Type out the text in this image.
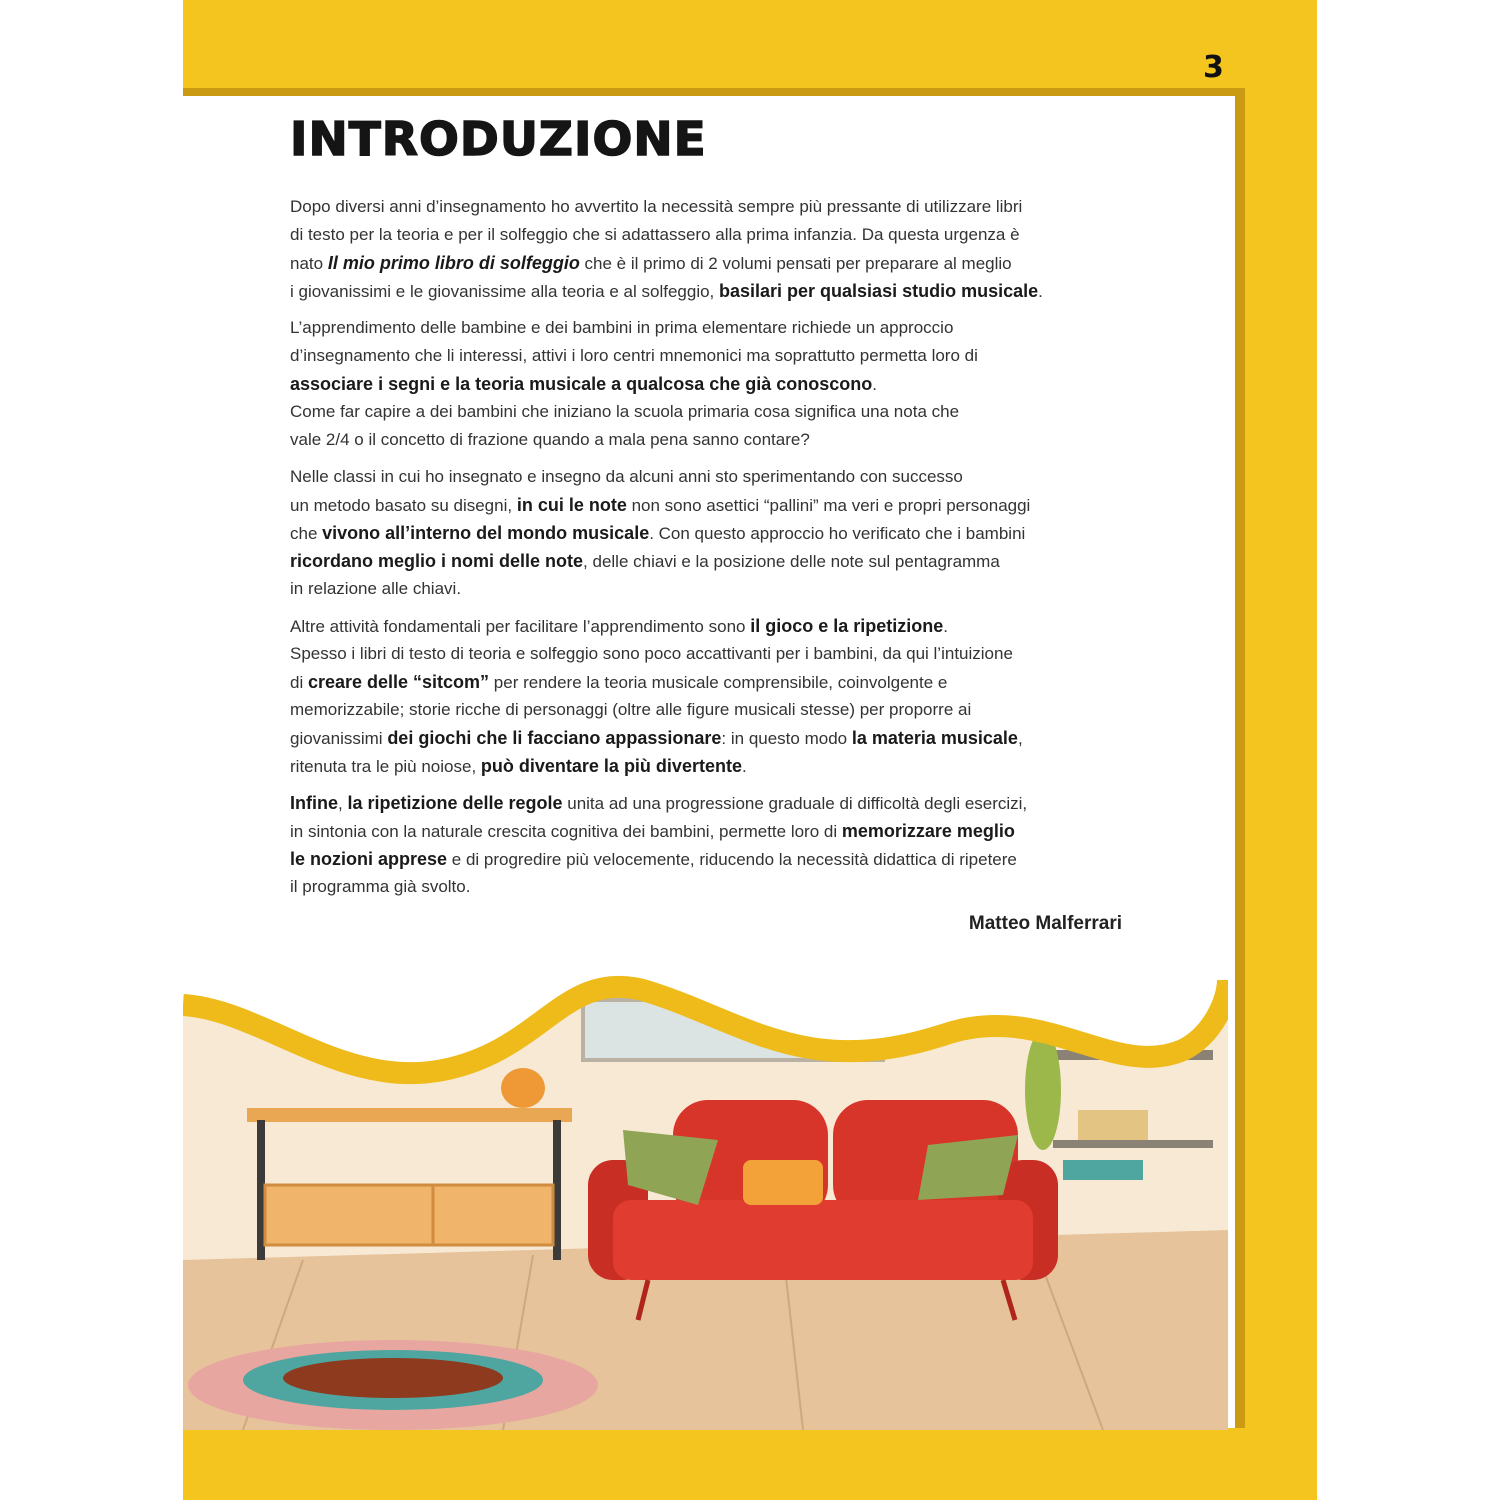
3
INTRODUZIONE
Dopo diversi anni d’insegnamento ho avvertito la necessità sempre più pressante di utilizzare libri
di testo per la teoria e per il solfeggio che si adattassero alla prima infanzia. Da questa urgenza è
nato Il mio primo libro di solfeggio che è il primo di 2 volumi pensati per preparare al meglio
i giovanissimi e le giovanissime alla teoria e al solfeggio, basilari per qualsiasi studio musicale.
L’apprendimento delle bambine e dei bambini in prima elementare richiede un approccio
d’insegnamento che li interessi, attivi i loro centri mnemonici ma soprattutto permetta loro di
associare i segni e la teoria musicale a qualcosa che già conoscono.
Come far capire a dei bambini che iniziano la scuola primaria cosa significa una nota che
vale 2/4 o il concetto di frazione quando a mala pena sanno contare?
Nelle classi in cui ho insegnato e insegno da alcuni anni sto sperimentando con successo
un metodo basato su disegni, in cui le note non sono asettici “pallini” ma veri e propri personaggi
che vivono all’interno del mondo musicale. Con questo approccio ho verificato che i bambini
ricordano meglio i nomi delle note, delle chiavi e la posizione delle note sul pentagramma
in relazione alle chiavi.
Altre attività fondamentali per facilitare l’apprendimento sono il gioco e la ripetizione.
Spesso i libri di testo di teoria e solfeggio sono poco accattivanti per i bambini, da qui l’intuizione
di creare delle “sitcom” per rendere la teoria musicale comprensibile, coinvolgente e
memorizzabile; storie ricche di personaggi (oltre alle figure musicali stesse) per proporre ai
giovanissimi dei giochi che li facciano appassionare: in questo modo la materia musicale,
ritenuta tra le più noiose, può diventare la più divertente.
Infine, la ripetizione delle regole unita ad una progressione graduale di difficoltà degli esercizi,
in sintonia con la naturale crescita cognitiva dei bambini, permette loro di memorizzare meglio
le nozioni apprese e di progredire più velocemente, riducendo la necessità didattica di ripetere
il programma già svolto.
Matteo Malferrari
